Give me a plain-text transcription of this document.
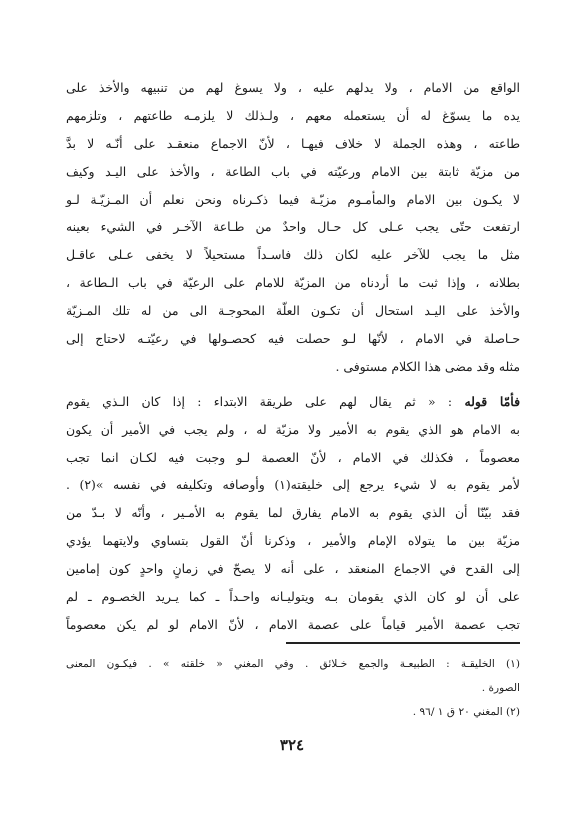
الواقع من الامام ، ولا يدلهم عليه ، ولا يسوغ لهم من تنبيهه والأخذ على
يده ما يسوّغ له أن يستعمله معهم ، ولـذلك لا يلزمـه طاعتهم ، وتلزمهم
طاعته ، وهذه الجملة لا خلاف فيهـا ، لأنّ الاجماع منعقـد على أنّـه لا بدَّ
من مزيّة ثابتة بين الامام ورعيّته في باب الطاعة ، والأخذ على اليـد وكيف
لا يكـون بين الامام والمأمـوم مزيّـة فيما ذكـرناه ونحن نعلم أن المـزيّـة لـو
ارتفعت حتّى يجب عـلى كل حـال واحدٌ من طـاعة الآخـر في الشيء بعينه
مثل ما يجب للآخر عليه لكان ذلك فاسـداً مستحيلاً لا يخفى عـلى عاقـل
بطلانه ، وإذا ثبت ما أردناه من المزيّة للامام على الرعيّة في باب الـطاعة ،
والأخذ على اليـد استحال أن تكـون العلّة المحوجـة الى من له تلك المـزيّة
حـاصلة في الامام ، لأنّها لـو حصلت فيه كحصـولها في رعيّتـه لاحتاج إلى
مثله وقد مضى هذا الكلام مستوفى .
فأمّا قوله : « ثم يقال لهم على طريقة الابتداء : إذا كان الـذي يقوم
به الامام هو الذي يقوم به الأمير ولا مزيّة له ، ولم يجب في الأمير أن يكون
معصوماً ، فكذلك في الامام ، لأنّ العصمة لـو وجبت فيه لكـان انما تجب
لأمر يقوم به لا شيء يرجع إلى خليقته(١) وأوصافه وتكليفه في نفسه »(٢) .
فقد بيّنّا أن الذي يقوم به الامام يفارق لما يقوم به الأمـير ، وأنّه لا بـدّ من
مزيّة بين ما يتولاه الإمام والأمير ، وذكرنا أنّ القول بتساوي ولايتهما يؤدي
إلى القدح في الاجماع المنعقد ، على أنه لا يصحّ في زمانٍ واحدٍ كون إمامين
على أن لو كان الذي يقومان بـه ويتوليـانه واحـداً ـ كما يـريد الخصـوم ـ لم
تجب عصمة الأمير قياماً على عصمة الامام ، لأنّ الامام لو لم يكن معصوماً
(١) الخليقـة : الطبيعـة والجمع خـلائق . وفي المغني « خلقته » . فيكـون المعنى
الصورة .
(٢) المغني ٢٠ ق ١ /٩٦ .
٣٢٤
